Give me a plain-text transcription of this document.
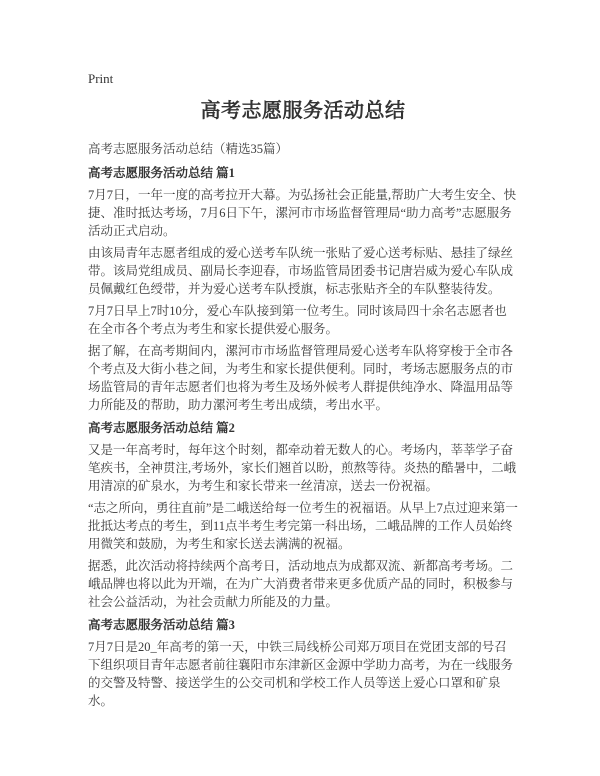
Print
高考志愿服务活动总结
高考志愿服务活动总结（精选35篇）
高考志愿服务活动总结 篇1

7月7日，一年一度的高考拉开大幕。为弘扬社会正能量,帮助广大考生安全、快捷、准时抵达考场，7月6日下午，漯河市市场监督管理局“助力高考”志愿服务活动正式启动。

由该局青年志愿者组成的爱心送考车队统一张贴了爱心送考标贴、悬挂了绿丝带。该局党组成员、副局长李迎春，市场监管局团委书记唐岩威为爱心车队成员佩戴红色绶带，并为爱心送考车队授旗，标志张贴齐全的车队整装待发。

7月7日早上7时10分，爱心车队接到第一位考生。同时该局四十余名志愿者也在全市各个考点为考生和家长提供爱心服务。

据了解，在高考期间内，漯河市市场监督管理局爱心送考车队将穿梭于全市各个考点及大街小巷之间，为考生和家长提供便利。同时，考场志愿服务点的市场监管局的青年志愿者们也将为考生及场外候考人群提供纯净水、降温用品等力所能及的帮助，助力漯河考生考出成绩，考出水平。

高考志愿服务活动总结 篇2

又是一年高考时，每年这个时刻，都牵动着无数人的心。考场内，莘莘学子奋笔疾书，全神贯注,考场外，家长们翘首以盼，煎熬等待。炎热的酷暑中，二峨用清凉的矿泉水，为考生和家长带来一丝清凉，送去一份祝福。

“志之所向，勇往直前”是二峨送给每一位考生的祝福语。从早上7点过迎来第一批抵达考点的考生，到11点半考生考完第一科出场，二峨品牌的工作人员始终用微笑和鼓励，为考生和家长送去满满的祝福。

据悉，此次活动将持续两个高考日，活动地点为成都双流、新都高考考场。二峨品牌也将以此为开端，在为广大消费者带来更多优质产品的同时，积极参与社会公益活动，为社会贡献力所能及的力量。

高考志愿服务活动总结 篇3

7月7日是20_年高考的第一天，中铁三局线桥公司郑万项目在党团支部的号召下组织项目青年志愿者前往襄阳市东津新区金源中学助力高考，为在一线服务的交警及特警、接送学生的公交司机和学校工作人员等送上爱心口罩和矿泉水。
